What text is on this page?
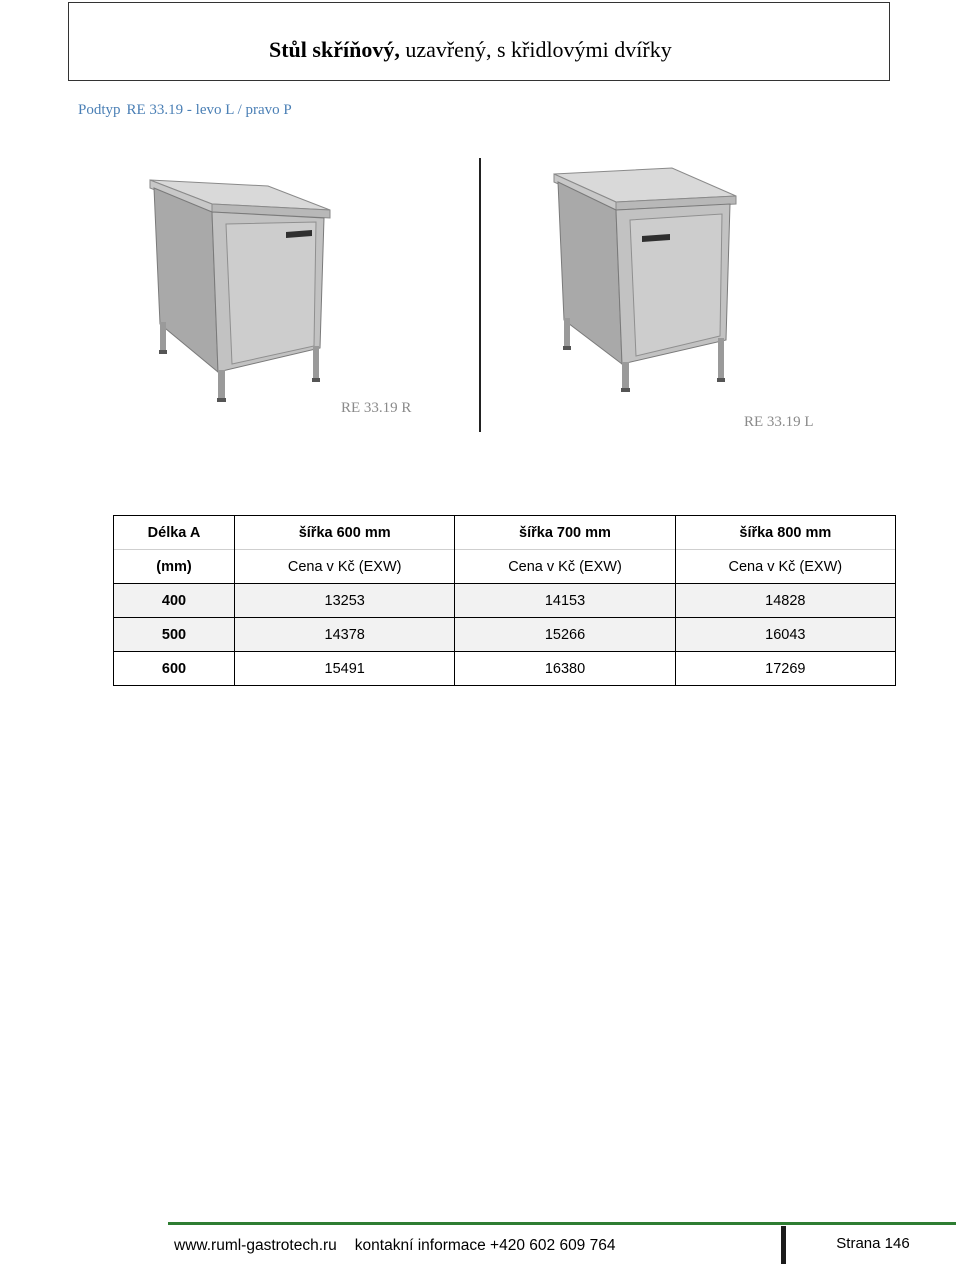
Stůl skříňový, uzavřený, s křidlovými dvířky
Podtyp RE 33.19 - levo L / pravo P
RE 33.19 R
RE 33.19 L
Délka A	šířka 600 mm	šířka 700 mm	šířka 800 mm
(mm)	Cena v Kč (EXW)	Cena v Kč (EXW)	Cena v Kč (EXW)
400	13253	14153	14828
500	14378	15266	16043
600	15491	16380	17269
www.ruml-gastrotech.ru kontakní informace +420 602 609 764	Strana 146
